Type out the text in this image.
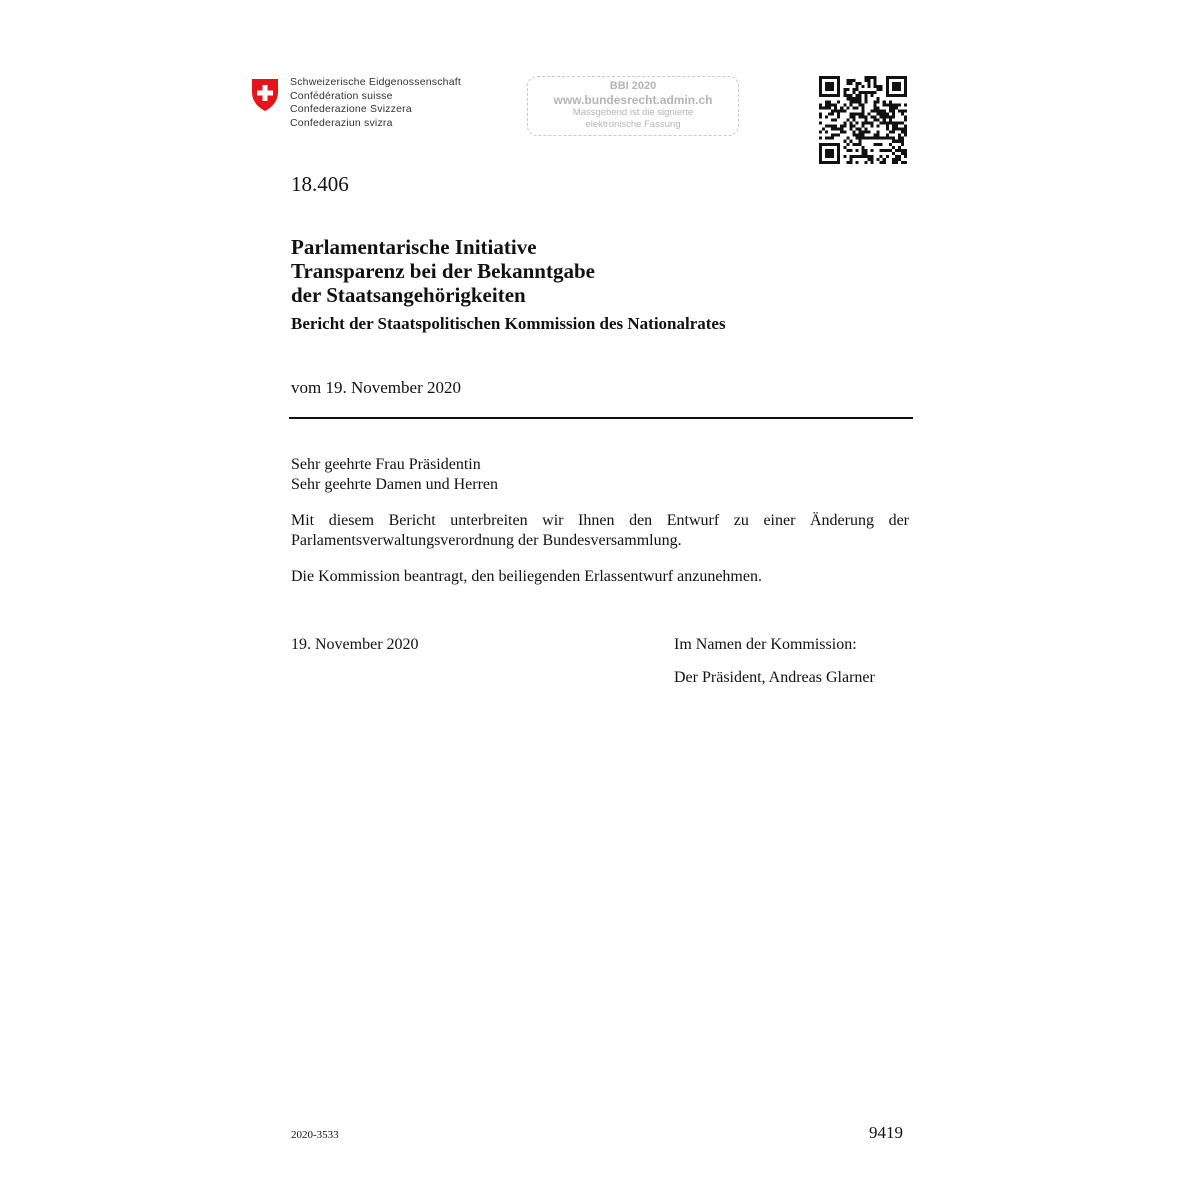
Schweizerische Eidgenossenschaft
Confédération suisse
Confederazione Svizzera
Confederaziun svizra
BBI 2020
www.bundesrecht.admin.ch
Massgebend ist die signierte
elektronische Fassung
18.406
Parlamentarische Initiative
Transparenz bei der Bekanntgabe
der Staatsangehörigkeiten
Bericht der Staatspolitischen Kommission des Nationalrates
vom 19. November 2020
Sehr geehrte Frau Präsidentin
Sehr geehrte Damen und Herren
Mit diesem Bericht unterbreiten wir Ihnen den Entwurf zu einer Änderung der Parlamentsverwaltungsverordnung der Bundesversammlung.
Die Kommission beantragt, den beiliegenden Erlassentwurf anzunehmen.
19. November 2020	Im Namen der Kommission:
Der Präsident, Andreas Glarner
2020-3533	9419
